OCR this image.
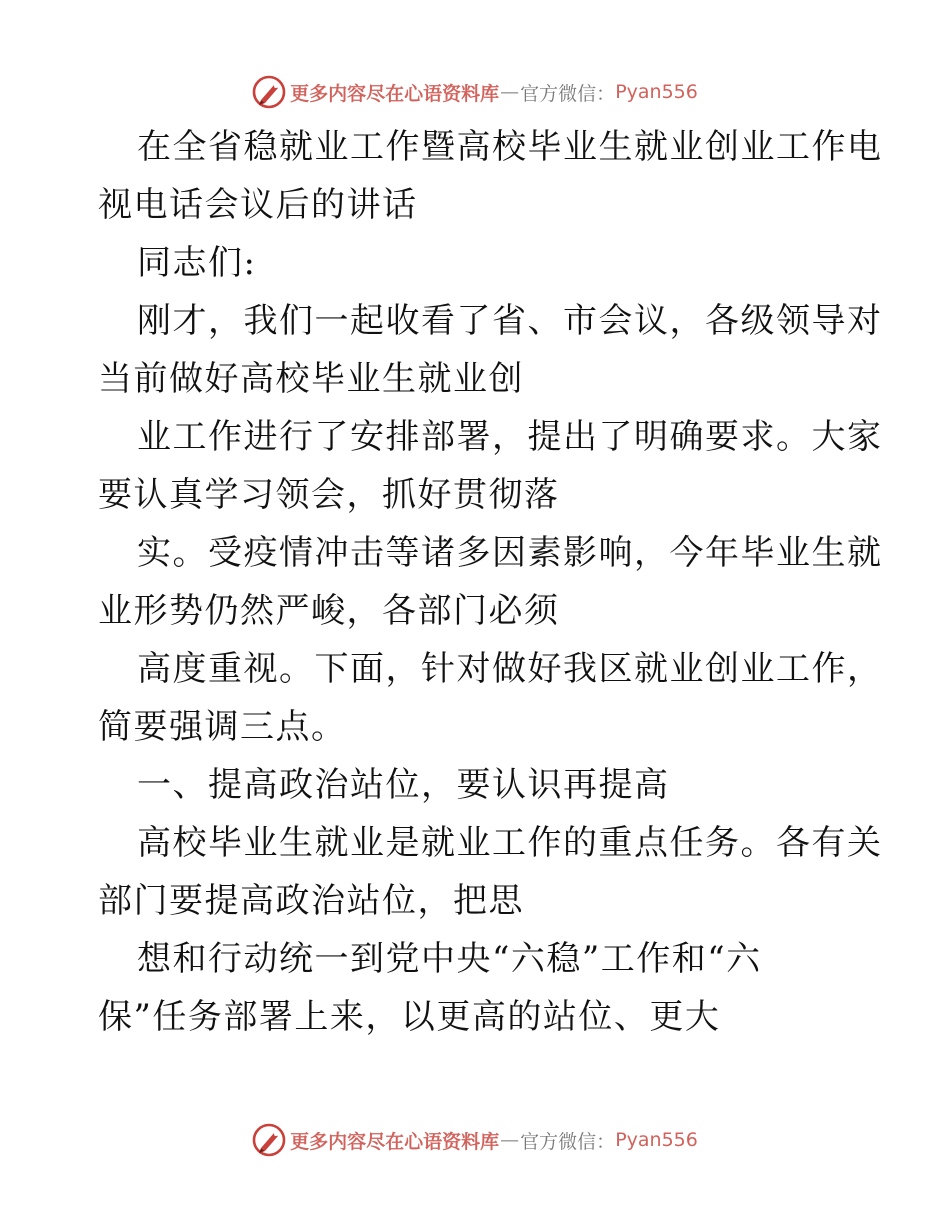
更多内容尽在心语资料库 — 官方微信： Pyan556
在全省稳就业工作暨高校毕业生就业创业工作电
视电话会议后的讲话
同志们:
刚才，我们一起收看了省、市会议，各级领导对
当前做好高校毕业生就业创
业工作进行了安排部署，提出了明确要求。大家
要认真学习领会，抓好贯彻落
实。受疫情冲击等诸多因素影响，今年毕业生就
业形势仍然严峻，各部门必须
高度重视。下面，针对做好我区就业创业工作，
简要强调三点。
一、提高政治站位，要认识再提高
高校毕业生就业是就业工作的重点任务。各有关
部门要提高政治站位，把思
想和行动统一到党中央“六稳”工作和“六
保”任务部署上来，以更高的站位、更大
更多内容尽在心语资料库 — 官方微信： Pyan556
